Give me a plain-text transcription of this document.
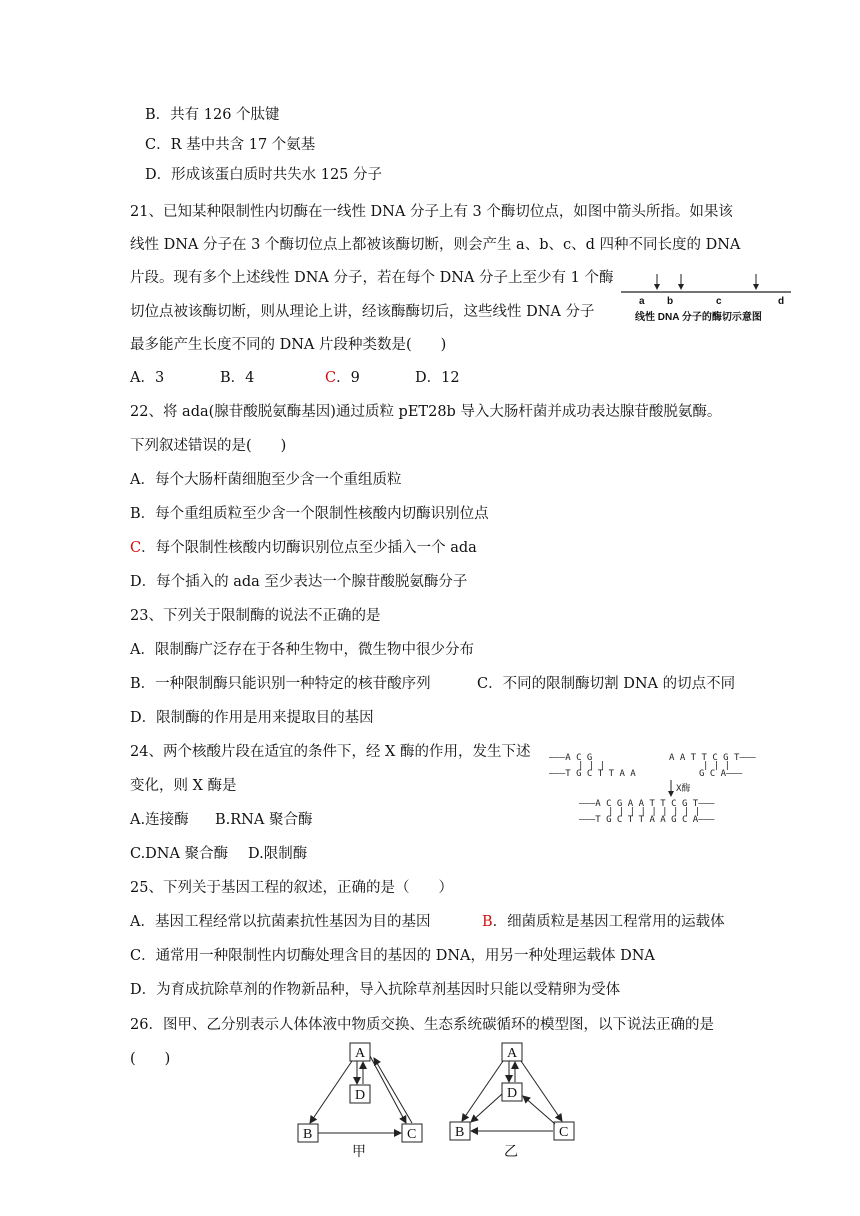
B．共有 126 个肽键
C．R 基中共含 17 个氨基
D．形成该蛋白质时共失水 125 分子
21、已知某种限制性内切酶在一线性 DNA 分子上有 3 个酶切位点，如图中箭头所指。如果该
线性 DNA 分子在 3 个酶切位点上都被该酶切断，则会产生 a、b、c、d 四种不同长度的 DNA
片段。现有多个上述线性 DNA 分子，若在每个 DNA 分子上至少有 1 个酶
切位点被该酶切断，则从理论上讲，经该酶酶切后，这些线性 DNA 分子
最多能产生长度不同的 DNA 片段种类数是(　　)
A．3	B．4	C．9	D．12
a b	c	d
线性 DNA 分子的酶切示意图
22、将 ada(腺苷酸脱氨酶基因)通过质粒 pET28b 导入大肠杆菌并成功表达腺苷酸脱氨酶。
下列叙述错误的是(　　)
A．每个大肠杆菌细胞至少含一个重组质粒
B．每个重组质粒至少含一个限制性核酸内切酶识别位点
C．每个限制性核酸内切酶识别位点至少插入一个 ada
D．每个插入的 ada 至少表达一个腺苷酸脱氨酶分子
23、下列关于限制酶的说法不正确的是
A．限制酶广泛存在于各种生物中，微生物中很少分布
B．一种限制酶只能识别一种特定的核苷酸序列	C．不同的限制酶切割 DNA 的切点不同
D．限制酶的作用是用来提取目的基因
24、两个核酸片段在适宜的条件下，经 X 酶的作用，发生下述
变化，则 X 酶是
A.连接酶 B.RNA 聚合酶
C.DNA 聚合酶 D.限制酶
———A C G
| | |
———T G C T T A A
A A T T C G T———
| | |
G C A———
X酶
———A C G A A T T C G T———
| | | | | | | | |
———T G C T T A A G C A———
25、下列关于基因工程的叙述，正确的是（　　）
A．基因工程经常以抗菌素抗性基因为目的基因	B．细菌质粒是基因工程常用的运载体
C．通常用一种限制性内切酶处理含目的基因的 DNA，用另一种处理运载体 DNA
D．为育成抗除草剂的作物新品种，导入抗除草剂基因时只能以受精卵为受体
26．图甲、乙分别表示人体体液中物质交换、生态系统碳循环的模型图，以下说法正确的是
(　　)	A
D
B	C
甲
A
D
B	C
乙
